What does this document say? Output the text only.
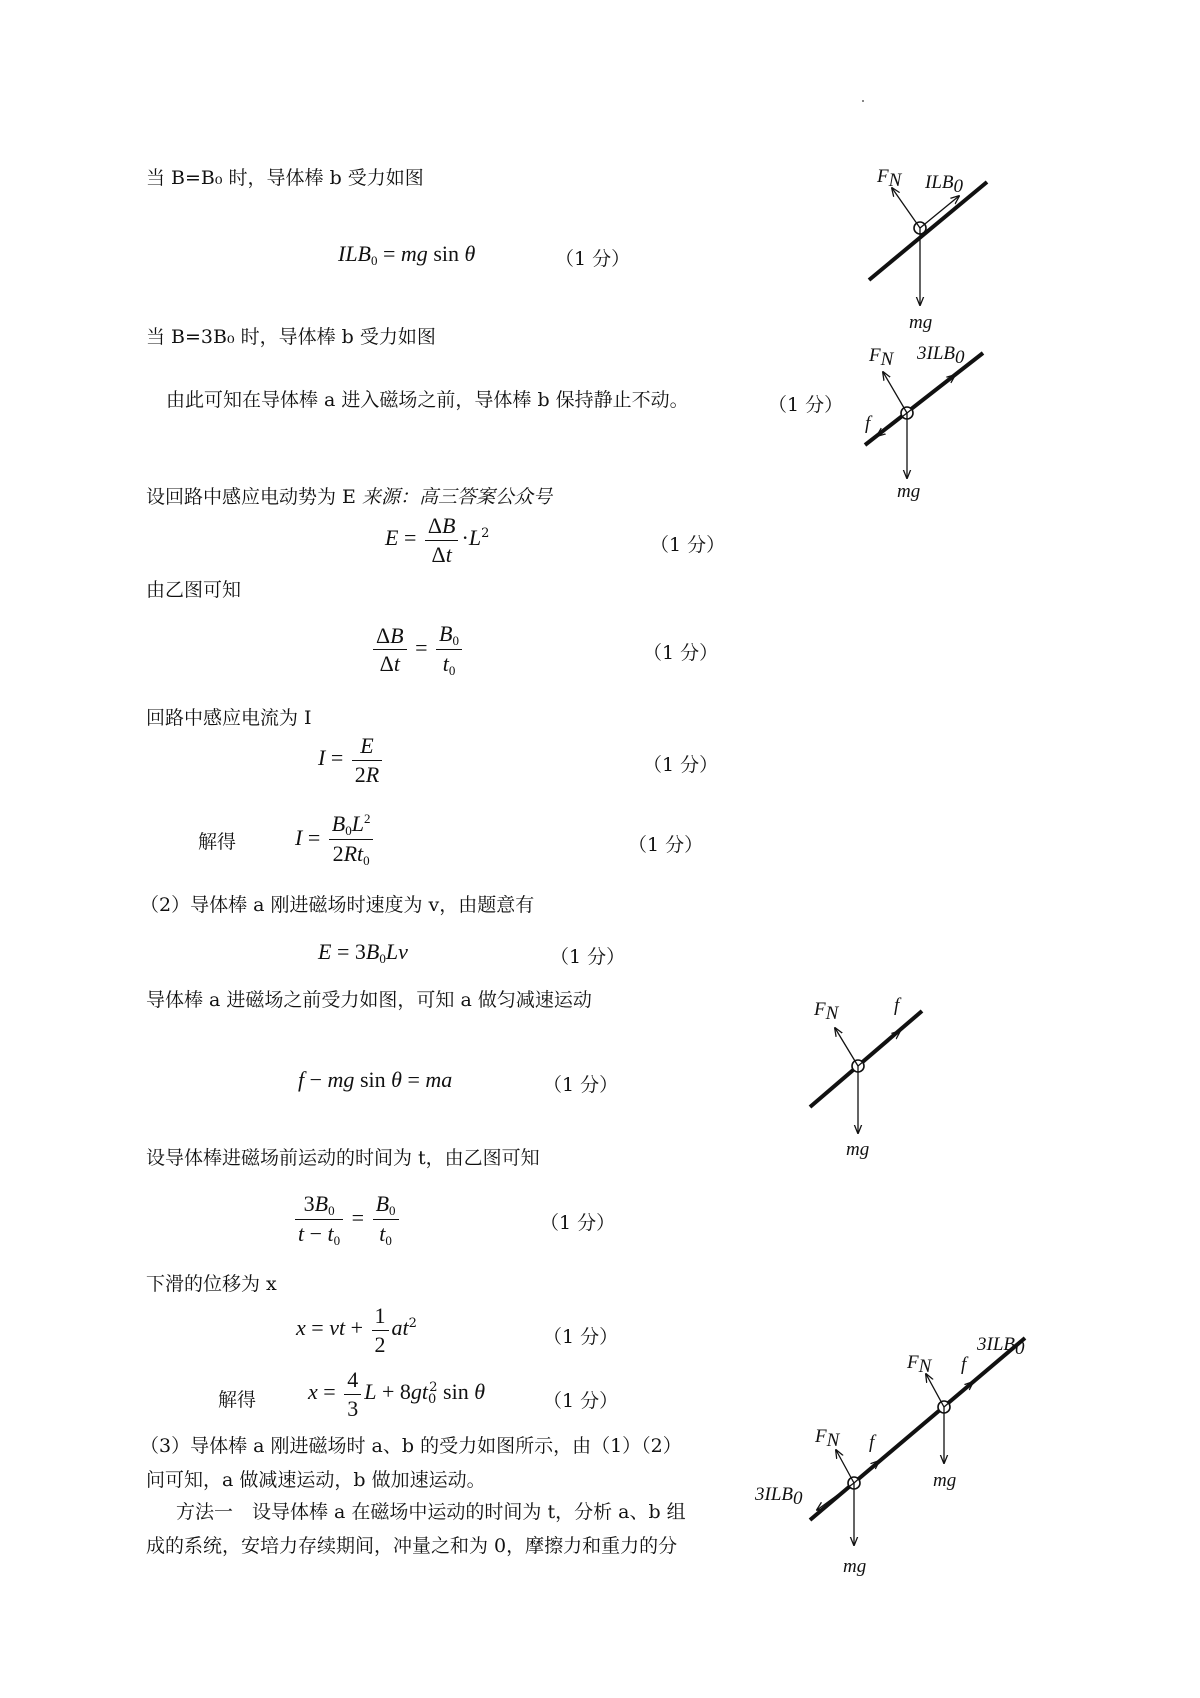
当 B=B₀ 时，导体棒 b 受力如图
$ILB_0$ = mg sin θ	（1 分）
当 B=3B₀ 时，导体棒 b 受力如图
由此可知在导体棒 a 进入磁场之前，导体棒 b 保持静止不动。	（1 分）
设回路中感应电动势为 E 来源：高三答案公众号
$E = \frac{\Delta B}{\Delta t} \cdot L^2$
（1 分）
由乙图可知
$\frac{\Delta B}{\Delta t} = \frac{B_0}{t_0}$	（1 分）
回路中感应电流为 I
$I = \frac{E}{2R}$	（1 分）
解得	$I = \frac{B_0L^2}{2Rt_0}$	（1 分）
（2）导体棒 a 刚进磁场时速度为 v，由题意有
$E = 3B_0Lv$	（1 分）
导体棒 a 进磁场之前受力如图，可知 a 做匀减速运动
f − mg sin θ = ma	（1 分）
设导体棒进磁场前运动的时间为 t，由乙图可知
$\frac{3B_0}{t - t_0} = \frac{B_0}{t_0}$	（1 分）
下滑的位移为 x
x = vt + $\frac{1}{2} at^2$
（1 分）
解得 $x = \frac{4}{3}$ $L + 8gt_0^2$ sin θ	（1 分）
（3）导体棒 a 刚进磁场时 a、b 的受力如图所示，由（1）（2）
问可知，a 做减速运动，b 做加速运动。
方法一　设导体棒 a 在磁场中运动的时间为 t，分析 a、b 组
成的系统，安培力存续期间，冲量之和为 0，摩擦力和重力的分
FN ILB0
mg
FN 3ILB0
f
mg
FN	f
mg
FN
3ILB0
f
mg
FN f
3ILB0
mg
